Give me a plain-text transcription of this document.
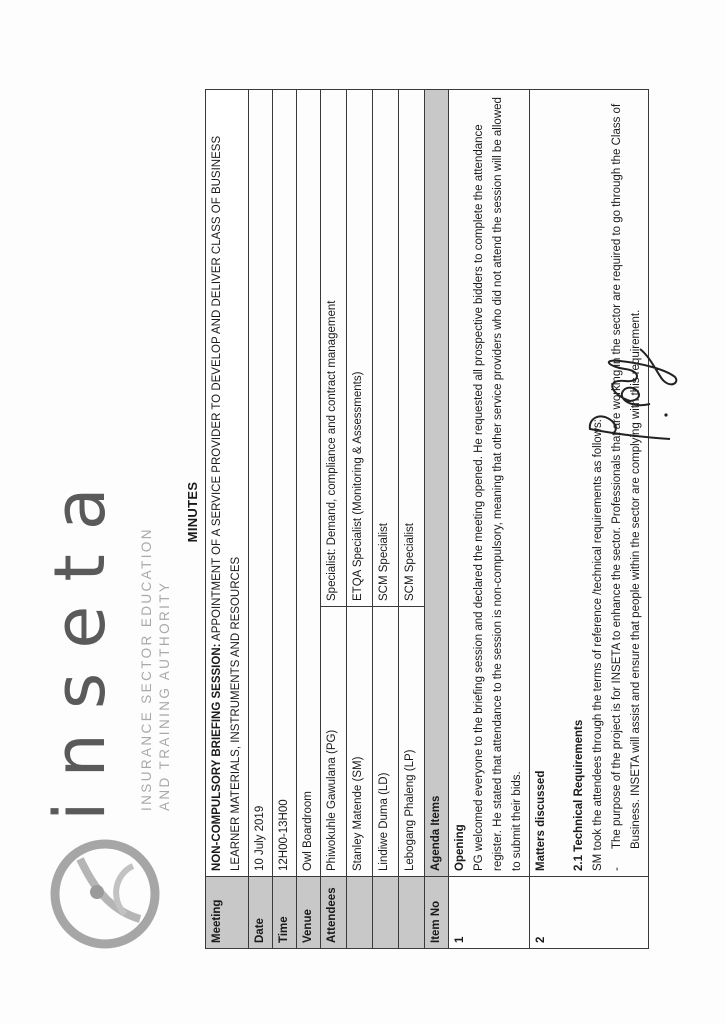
inseta INSURANCE SECTOR EDUCATION AND TRAINING AUTHORITY
MINUTES
Meeting	NON-COMPULSORY BRIEFING SESSION: APPOINTMENT OF A SERVICE PROVIDER TO DEVELOP AND DELIVER CLASS OF BUSINESS LEARNER MATERIALS, INSTRUMENTS AND RESOURCES	
Date	10 July 2019	
Time	12H00-13H00	
Venue	Owl Boardroom	
Attendees	Phiwokuhle Gawulana (PG)	Specialist: Demand, compliance and contract management
	Stanley Matende (SM)	ETQA Specialist (Monitoring & Assessments)
	Lindiwe Duma (LD)	SCM Specialist
	Lebogang Phaleng (LP)	SCM Specialist
Item No	Agenda Items	
1	Opening PG welcomed everyone to the briefing session and declared the meeting opened. He requested all prospective bidders to complete the attendance register. He stated that attendance to the session is non-compulsory, meaning that other service providers who did not attend the session will be allowed to submit their bids.	

2	Matters discussed 2.1 Technical Requirements SM took the attendees through the terms of reference /technical requirements as follows: -
The purpose of the project is for INSETA to enhance the sector. Professionals that are working in the sector are required to go through the Class of Business. INSETA will assist and ensure that people within the sector are complying with this requirement.	
